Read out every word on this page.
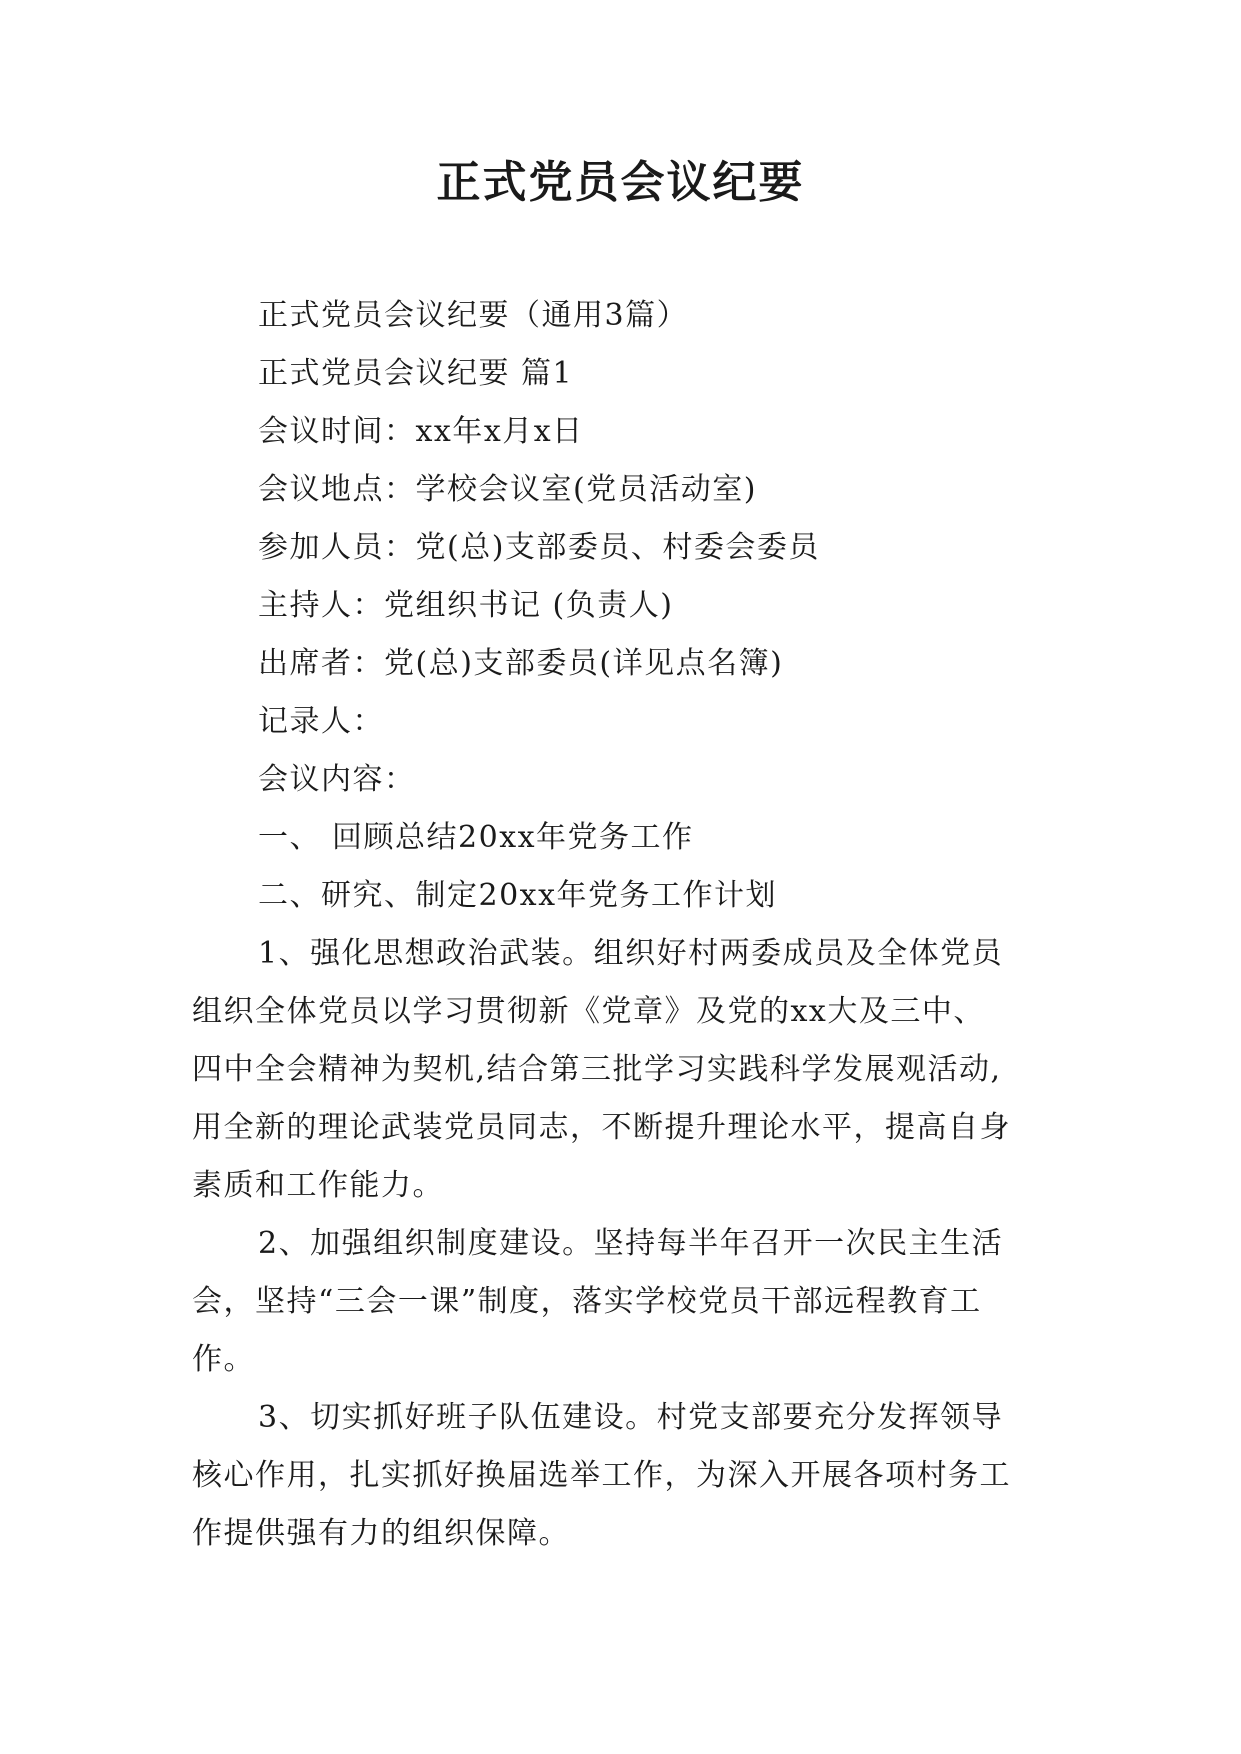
正式党员会议纪要
正式党员会议纪要（通用3篇）
正式党员会议纪要 篇1
会议时间：xx年x月x日
会议地点：学校会议室(党员活动室)
参加人员：党(总)支部委员、村委会委员
主持人：党组织书记 (负责人)
出席者：党(总)支部委员(详见点名簿)
记录人：
会议内容：
一、 回顾总结20xx年党务工作
二、研究、制定20xx年党务工作计划
1、强化思想政治武装。组织好村两委成员及全体党员
组织全体党员以学习贯彻新《党章》及党的xx大及三中、
四中全会精神为契机,结合第三批学习实践科学发展观活动,
用全新的理论武装党员同志，不断提升理论水平，提高自身
素质和工作能力。
2、加强组织制度建设。坚持每半年召开一次民主生活
会，坚持“三会一课”制度，落实学校党员干部远程教育工
作。
3、切实抓好班子队伍建设。村党支部要充分发挥领导
核心作用，扎实抓好换届选举工作，为深入开展各项村务工
作提供强有力的组织保障。
